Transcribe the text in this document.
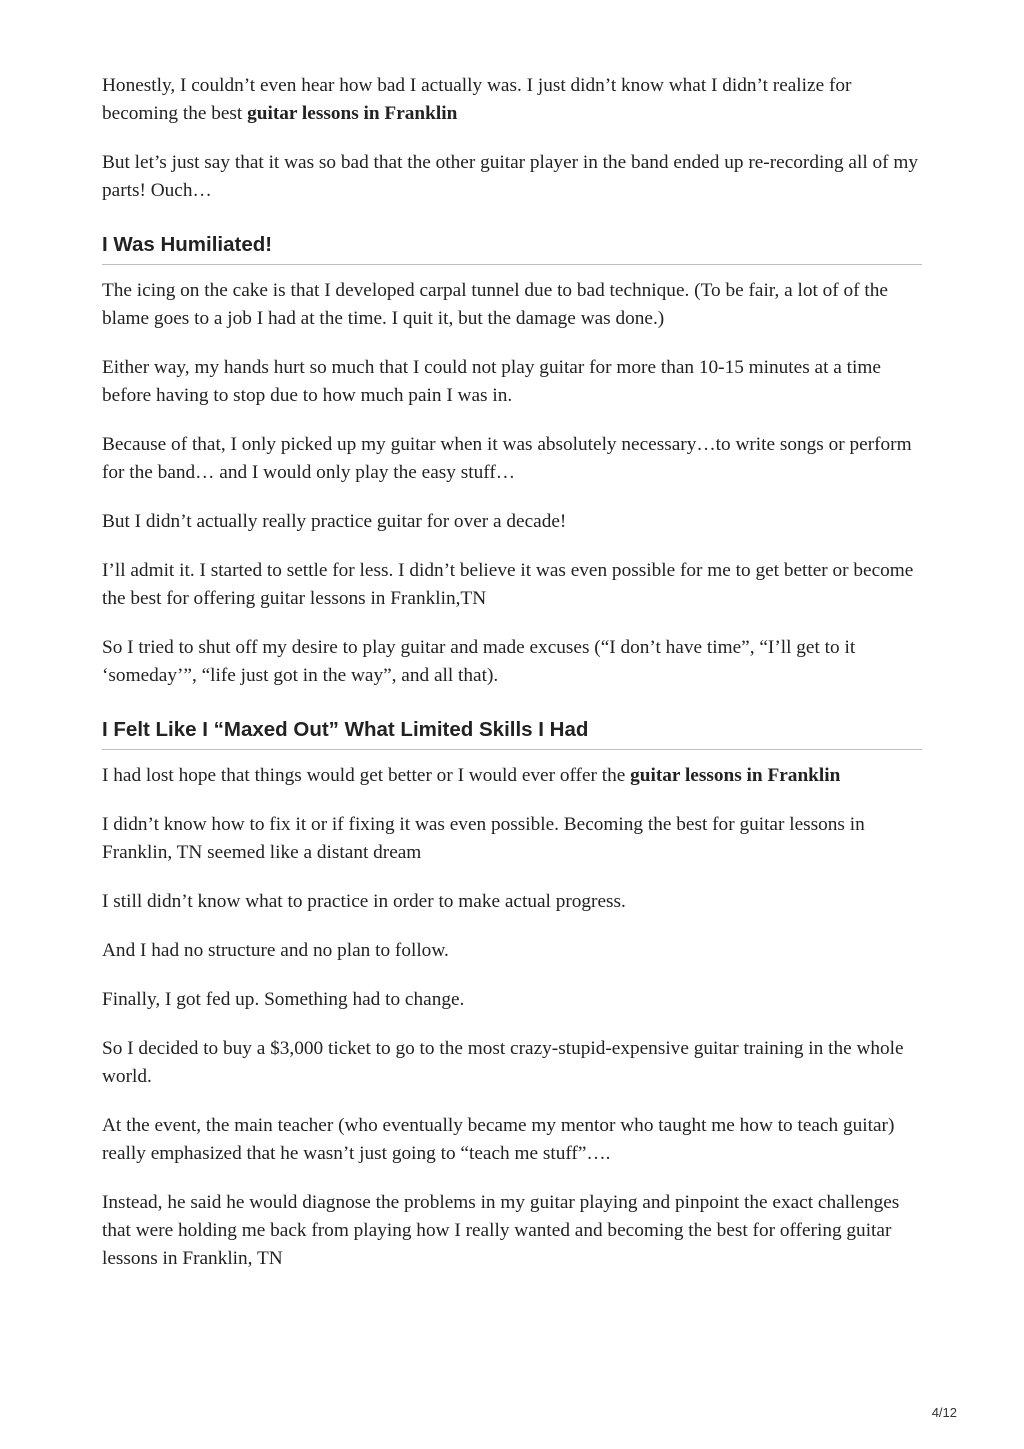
Honestly, I couldn’t even hear how bad I actually was. I just didn’t know what I didn’t realize for becoming the best guitar lessons in Franklin

But let’s just say that it was so bad that the other guitar player in the band ended up re-recording all of my parts! Ouch…

I Was Humiliated!

The icing on the cake is that I developed carpal tunnel due to bad technique. (To be fair, a lot of of the blame goes to a job I had at the time. I quit it, but the damage was done.)

Either way, my hands hurt so much that I could not play guitar for more than 10-15 minutes at a time before having to stop due to how much pain I was in.

Because of that, I only picked up my guitar when it was absolutely necessary…to write songs or perform for the band… and I would only play the easy stuff…

But I didn’t actually really practice guitar for over a decade!

I’ll admit it. I started to settle for less. I didn’t believe it was even possible for me to get better or become the best for offering guitar lessons in Franklin,TN

So I tried to shut off my desire to play guitar and made excuses (“I don’t have time”, “I’ll get to it ‘someday’”, “life just got in the way”, and all that).

I Felt Like I “Maxed Out” What Limited Skills I Had

I had lost hope that things would get better or I would ever offer the guitar lessons in Franklin

I didn’t know how to fix it or if fixing it was even possible. Becoming the best for guitar lessons in Franklin, TN seemed like a distant dream

I still didn’t know what to practice in order to make actual progress.

And I had no structure and no plan to follow.

Finally, I got fed up. Something had to change.

So I decided to buy a $3,000 ticket to go to the most crazy-stupid-expensive guitar training in the whole world.

At the event, the main teacher (who eventually became my mentor who taught me how to teach guitar) really emphasized that he wasn’t just going to “teach me stuff”….

Instead, he said he would diagnose the problems in my guitar playing and pinpoint the exact challenges that were holding me back from playing how I really wanted and becoming the best for offering guitar lessons in Franklin, TN

4/12
